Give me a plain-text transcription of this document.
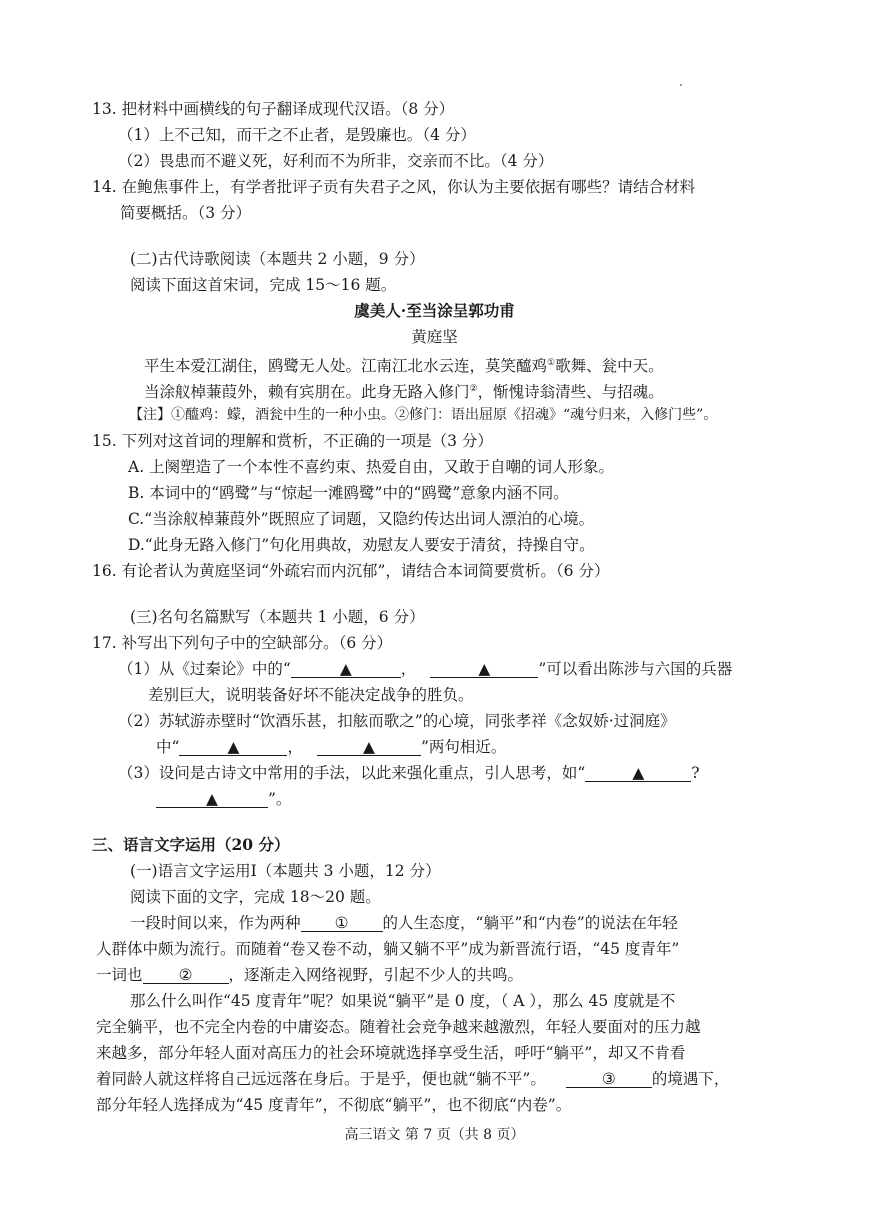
13. 把材料中画横线的句子翻译成现代汉语。（8 分）
（1）上不己知，而干之不止者，是毁廉也。（4 分）
（2）畏患而不避义死，好利而不为所非，交亲而不比。（4 分）
14. 在鲍焦事件上，有学者批评子贡有失君子之风，你认为主要依据有哪些？请结合材料
简要概括。（3 分）
(二)古代诗歌阅读（本题共 2 小题，9 分）
阅读下面这首宋词，完成 15～16 题。
虞美人·至当涂呈郭功甫
黄庭坚
平生本爱江湖住，鸥鹭无人处。江南江北水云连，莫笑醯鸡①歌舞、瓮中天。
当涂舣棹蒹葭外，赖有宾朋在。此身无路入修门②，惭愧诗翁清些、与招魂。
【注】①醯鸡：蠓，酒瓮中生的一种小虫。②修门：语出屈原《招魂》“魂兮归来，入修门些”。
15. 下列对这首词的理解和赏析，不正确的一项是（3 分）
A. 上阕塑造了一个本性不喜约束、热爱自由，又敢于自嘲的词人形象。
B. 本词中的“鸥鹭”与“惊起一滩鸥鹭”中的“鸥鹭”意象内涵不同。
C.“当涂舣棹蒹葭外”既照应了词题，又隐约传达出词人漂泊的心境。
D.“此身无路入修门”句化用典故，劝慰友人要安于清贫，持操自守。
16. 有论者认为黄庭坚词“外疏宕而内沉郁”，请结合本词简要赏析。（6 分）
(三)名句名篇默写（本题共 1 小题，6 分）
17. 补写出下列句子中的空缺部分。（6 分）
（1）从《过秦论》中的“	▲	，	▲	”可以看出陈涉与六国的兵器
差别巨大，说明装备好坏不能决定战争的胜负。
（2）苏轼游赤壁时“饮酒乐甚，扣舷而歌之”的心境，同张孝祥《念奴娇·过洞庭》
中“	▲	，	▲	”两句相近。
（3）设问是古诗文中常用的手法，以此来强化重点，引人思考，如“	▲	?
▲	”。
三、语言文字运用（20 分）
(一)语言文字运用Ⅰ（本题共 3 小题，12 分）
阅读下面的文字，完成 18～20 题。
一段时间以来，作为两种 ① 的人生态度，“躺平”和“内卷”的说法在年轻
人群体中颇为流行。而随着“卷又卷不动，躺又躺不平”成为新晋流行语，“45 度青年”
一词也 ② ，逐渐走入网络视野，引起不少人的共鸣。
那么什么叫作“45 度青年”呢？如果说“躺平”是 0 度，（ A ），那么 45 度就是不
完全躺平，也不完全内卷的中庸姿态。随着社会竞争越来越激烈，年轻人要面对的压力越
来越多，部分年轻人面对高压力的社会环境就选择享受生活，呼吁“躺平”，却又不肯看
着同龄人就这样将自己远远落在身后。于是乎，便也就“躺不平”。	③ 的境遇下，
部分年轻人选择成为“45 度青年”，不彻底“躺平”，也不彻底“内卷”。
高三语文 第 7 页（共 8 页）
